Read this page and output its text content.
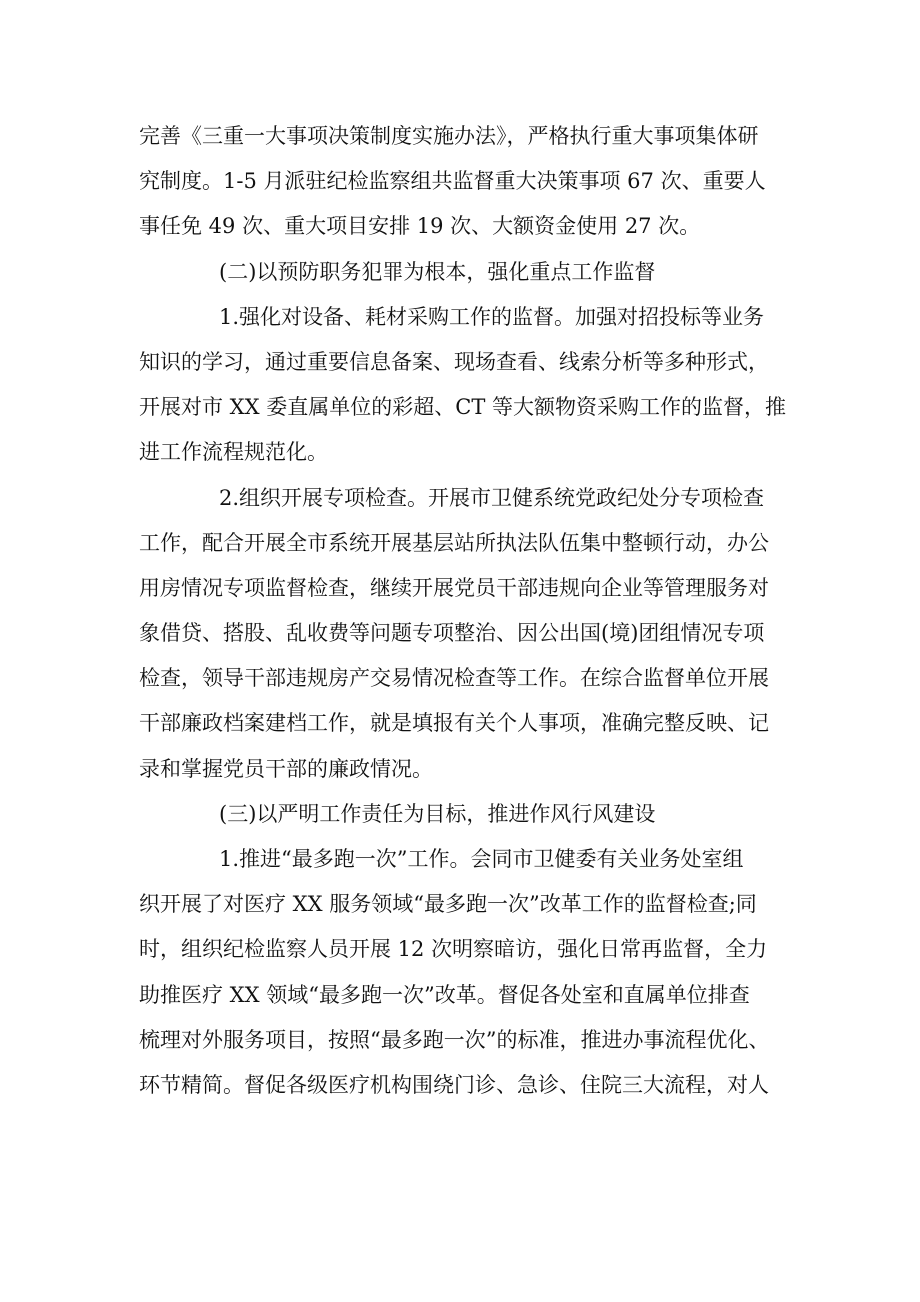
完善《三重一大事项决策制度实施办法》，严格执行重大事项集体研
究制度。1-5 月派驻纪检监察组共监督重大决策事项 67 次、重要人
事任免 49 次、重大项目安排 19 次、大额资金使用 27 次。
(二)以预防职务犯罪为根本，强化重点工作监督
1.强化对设备、耗材采购工作的监督。加强对招投标等业务
知识的学习，通过重要信息备案、现场查看、线索分析等多种形式，
开展对市 XX 委直属单位的彩超、CT 等大额物资采购工作的监督，推
进工作流程规范化。
2.组织开展专项检查。开展市卫健系统党政纪处分专项检查
工作，配合开展全市系统开展基层站所执法队伍集中整顿行动，办公
用房情况专项监督检查，继续开展党员干部违规向企业等管理服务对
象借贷、搭股、乱收费等问题专项整治、因公出国(境)团组情况专项
检查，领导干部违规房产交易情况检查等工作。在综合监督单位开展
干部廉政档案建档工作，就是填报有关个人事项，准确完整反映、记
录和掌握党员干部的廉政情况。
(三)以严明工作责任为目标，推进作风行风建设
1.推进“最多跑一次”工作。会同市卫健委有关业务处室组
织开展了对医疗 XX 服务领域“最多跑一次”改革工作的监督检查;同
时，组织纪检监察人员开展 12 次明察暗访，强化日常再监督，全力
助推医疗 XX 领域“最多跑一次”改革。督促各处室和直属单位排查
梳理对外服务项目，按照“最多跑一次”的标准，推进办事流程优化、
环节精简。督促各级医疗机构围绕门诊、急诊、住院三大流程，对人
